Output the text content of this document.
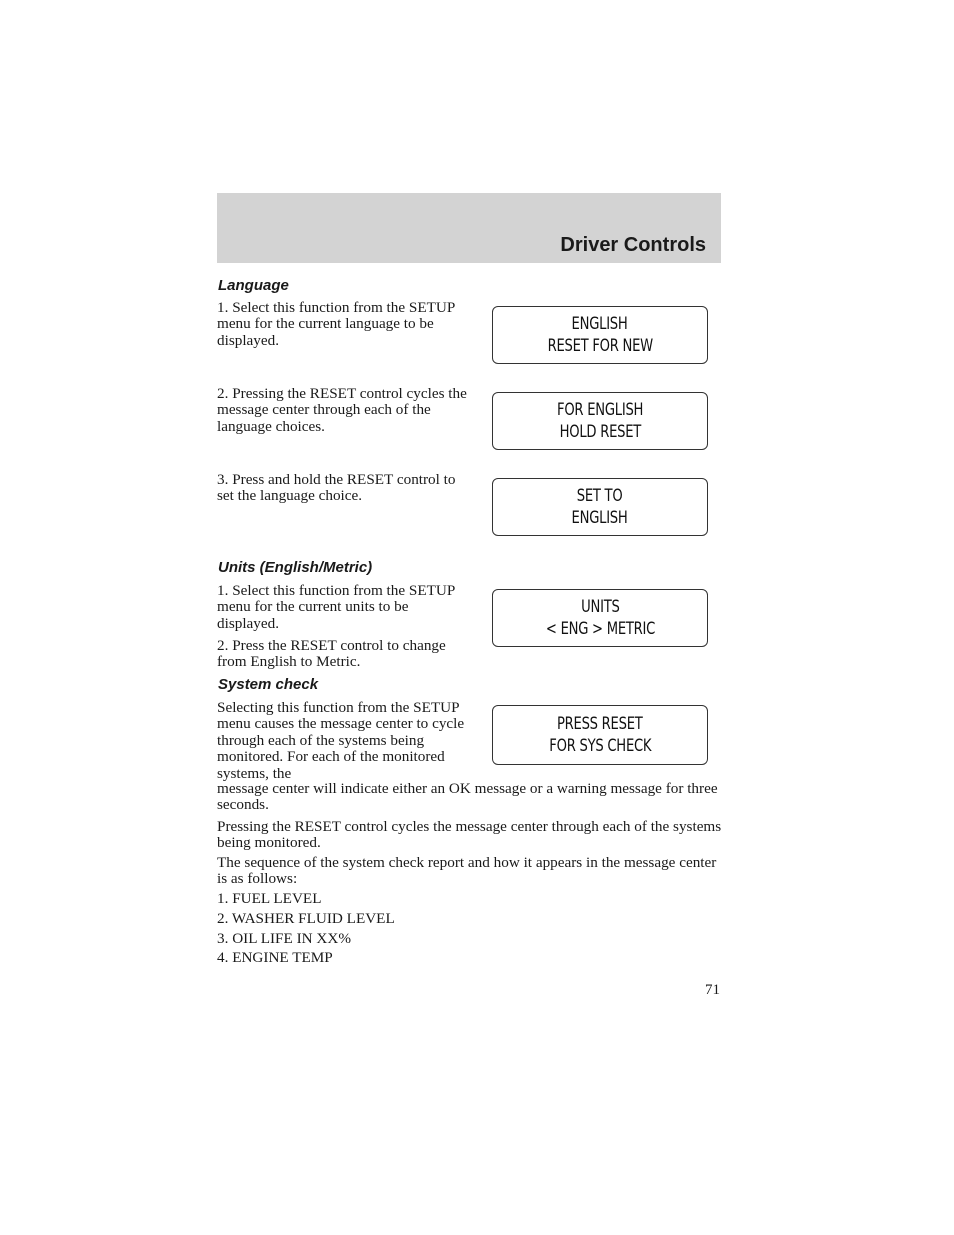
Driver Controls
Language

1. Select this function from the SETUP menu for the current language to be displayed.

2. Pressing the RESET control cycles the message center through each of the language choices.

3. Press and hold the RESET control to set the language choice.

ENGLISH
RESET FOR NEW
FOR ENGLISH
HOLD RESET
SET TO
ENGLISH
Units (English/Metric)

1. Select this function from the SETUP menu for the current units to be displayed.

2. Press the RESET control to change from English to Metric.

UNITS
< ENG > METRIC
System check

Selecting this function from the SETUP menu causes the message center to cycle through each of the systems being monitored. For each of the monitored systems, the

message center will indicate either an OK message or a warning message for three seconds.

Pressing the RESET control cycles the message center through each of the systems being monitored.

The sequence of the system check report and how it appears in the message center is as follows:

1. FUEL LEVEL

2. WASHER FLUID LEVEL

3. OIL LIFE IN XX%

4. ENGINE TEMP

PRESS RESET
FOR SYS CHECK
71
